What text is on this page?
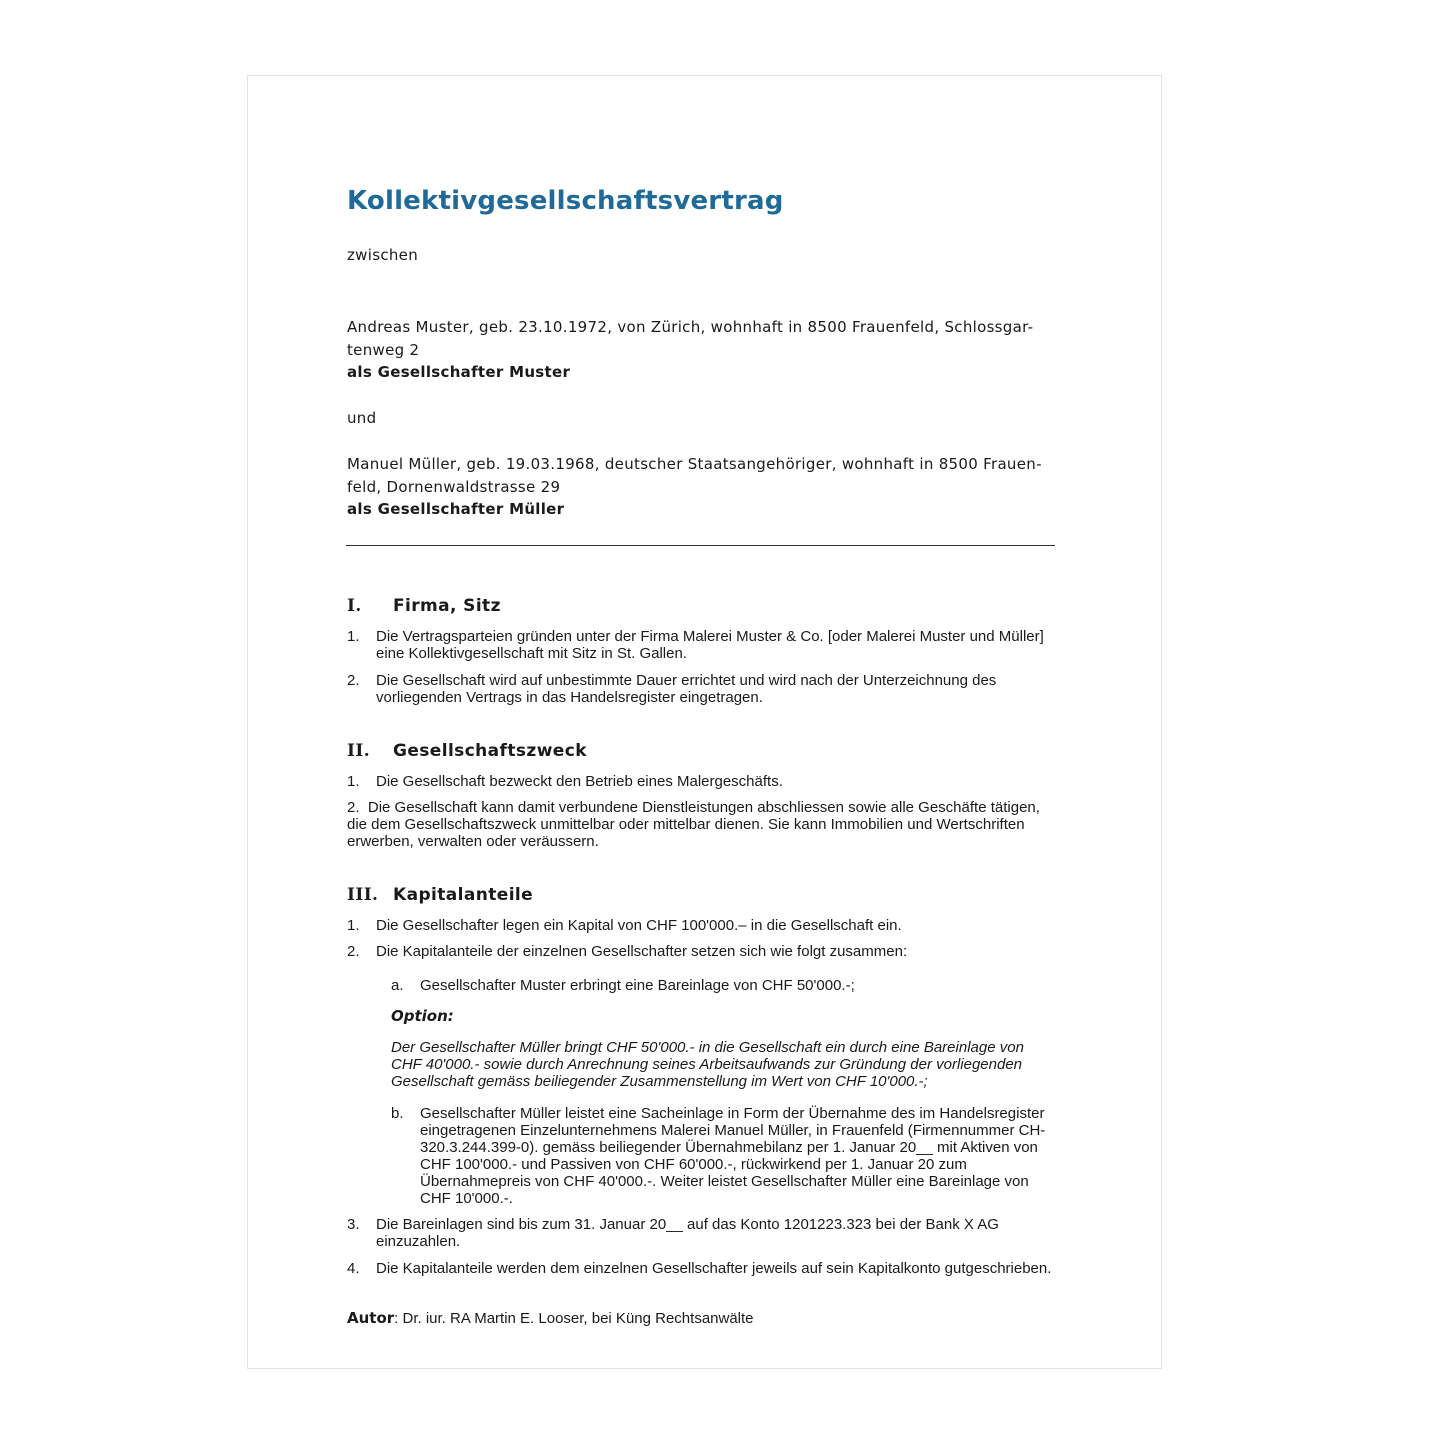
Kollektivgesellschaftsvertrag

zwischen

Andreas Muster, geb. 23.10.1972, von Zürich, wohnhaft in 8500 Frauenfeld, Schlossgar-

tenweg 2

als Gesellschafter Muster

und

Manuel Müller, geb. 19.03.1968, deutscher Staatsangehöriger, wohnhaft in 8500 Frauen-

feld, Dornenwaldstrasse 29

als Gesellschafter Müller

I. Firma, Sitz
1. Die Vertragsparteien gründen unter der Firma Malerei Muster & Co. [oder Malerei Muster und Müller] eine Kollektivgesellschaft mit Sitz in St. Gallen.
2. Die Gesellschaft wird auf unbestimmte Dauer errichtet und wird nach der Unterzeichnung des vorliegenden Vertrags in das Handelsregister eingetragen.
II. Gesellschaftszweck
1. Die Gesellschaft bezweckt den Betrieb eines Malergeschäfts.
2. Die Gesellschaft kann damit verbundene Dienstleistungen abschliessen sowie alle Geschäfte tätigen, die dem Gesellschaftszweck unmittelbar oder mittelbar dienen. Sie kann Immobilien und Wertschriften erwerben, verwalten oder veräussern.
III. Kapitalanteile
1. Die Gesellschafter legen ein Kapital von CHF 100'000.– in die Gesellschaft ein.
2. Die Kapitalanteile der einzelnen Gesellschafter setzen sich wie folgt zusammen:
a. Gesellschafter Muster erbringt eine Bareinlage von CHF 50'000.-;
Option:
Der Gesellschafter Müller bringt CHF 50'000.- in die Gesellschaft ein durch eine Bareinlage von CHF 40'000.- sowie durch Anrechnung seines Arbeitsaufwands zur Gründung der vorliegenden Gesellschaft gemäss beiliegender Zusammenstellung im Wert von CHF 10'000.-;
b. Gesellschafter Müller leistet eine Sacheinlage in Form der Übernahme des im Handelsregister eingetragenen Einzelunternehmens Malerei Manuel Müller, in Frauenfeld (Firmennummer CH-320.3.244.399-0). gemäss beiliegender Übernahmebilanz per 1. Januar 20__ mit Aktiven von CHF 100'000.- und Passiven von CHF 60'000.-, rückwirkend per 1. Januar 20 zum Übernahmepreis von CHF 40'000.-. Weiter leistet Gesellschafter Müller eine Bareinlage von CHF 10'000.-.
3. Die Bareinlagen sind bis zum 31. Januar 20__ auf das Konto 1201223.323 bei der Bank X AG einzuzahlen.
4. Die Kapitalanteile werden dem einzelnen Gesellschafter jeweils auf sein Kapitalkonto gutgeschrieben.
Autor: Dr. iur. RA Martin E. Looser, bei Küng Rechtsanwälte
